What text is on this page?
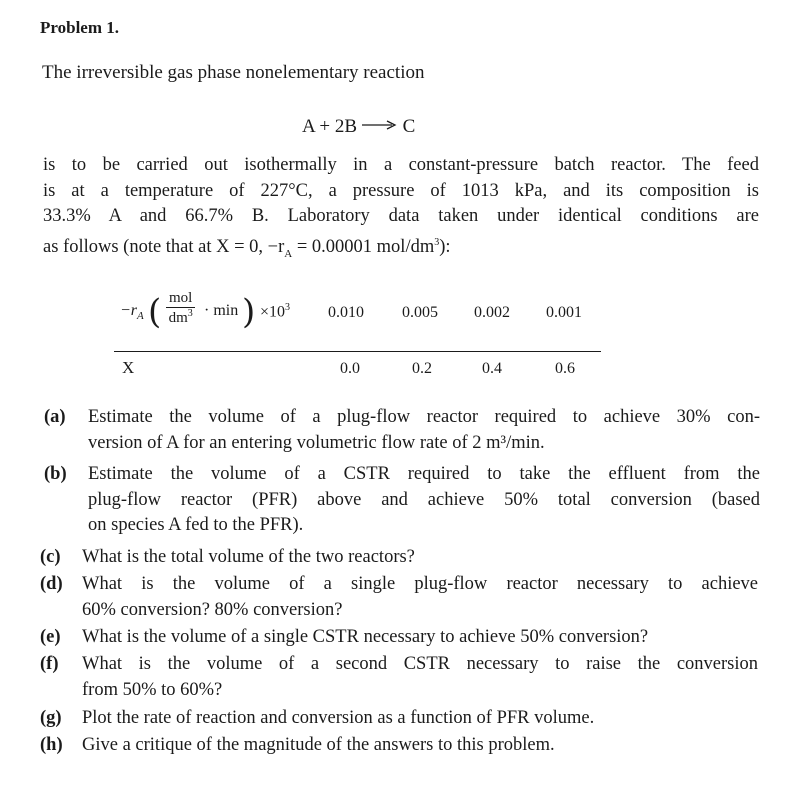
Problem 1.
The irreversible gas phase nonelementary reaction
A + 2B → C
is to be carried out isothermally in a constant-pressure batch reactor. The feed
is at a temperature of 227°C, a pressure of 1013 kPa, and its composition is
33.3% A and 66.7% B. Laboratory data taken under identical conditions are
as follows (note that at X = 0, $-r_A = 0.00001$ mol/$dm^3$):
$-r_A$ ( mol
$dm^3 \cdot \min$ ) $\times 10^3$ 0.010 0.005 0.002 0.001
X	0.0	0.2	0.4	0.6
(a) Estimate the volume of a plug-flow reactor required to achieve 30% con-
version of A for an entering volumetric flow rate of 2 m³/min.
(b) Estimate the volume of a CSTR required to take the effluent from the
plug-flow reactor (PFR) above and achieve 50% total conversion (based
on species A fed to the PFR).
(c) What is the total volume of the two reactors?
(d) What is the volume of a single plug-flow reactor necessary to achieve
60% conversion? 80% conversion?
(e) What is the volume of a single CSTR necessary to achieve 50% conversion?
(f) What is the volume of a second CSTR necessary to raise the conversion
from 50% to 60%?
(g) Plot the rate of reaction and conversion as a function of PFR volume.
(h) Give a critique of the magnitude of the answers to this problem.
